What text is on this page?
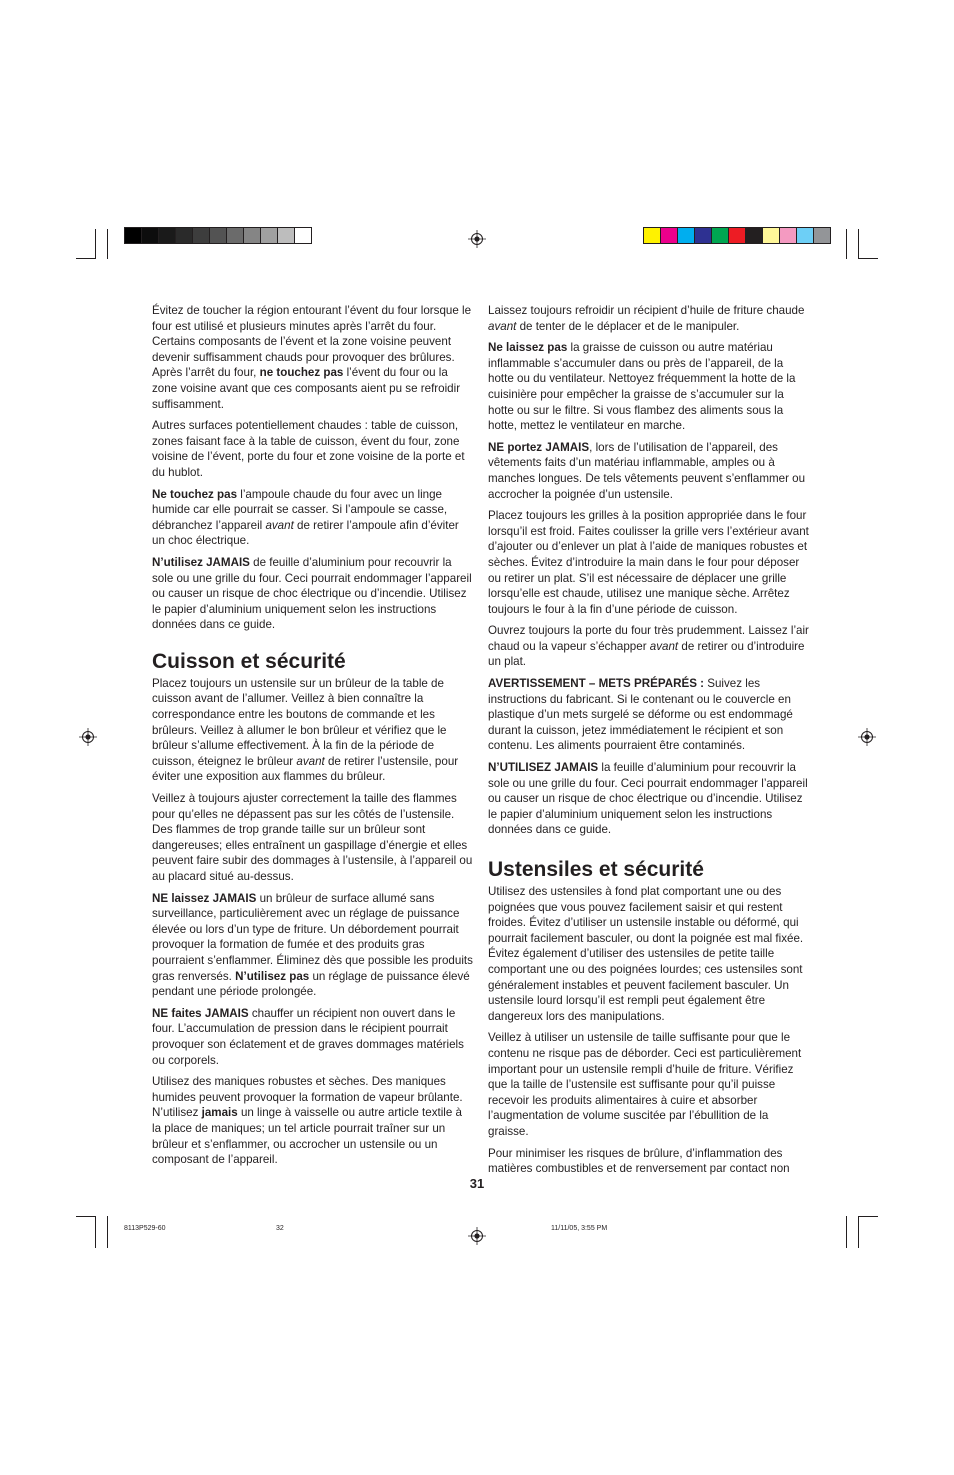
Évitez de toucher la région entourant l’évent du four lorsque le four est utilisé et plusieurs minutes après l’arrêt du four. Certains composants de l’évent et la zone voisine peuvent devenir suffisamment chauds pour provoquer des brûlures. Après l’arrêt du four, ne touchez pas l’évent du four ou la zone voisine avant que ces composants aient pu se refroidir suffisamment.

Autres surfaces potentiellement chaudes : table de cuisson, zones faisant face à la table de cuisson, évent du four, zone voisine de l’évent, porte du four et zone voisine de la porte et du hublot.

Ne touchez pas l’ampoule chaude du four avec un linge humide car elle pourrait se casser. Si l’ampoule se casse, débranchez l’appareil avant de retirer l’ampoule afin d’éviter un choc électrique.

N’utilisez JAMAIS de feuille d’aluminium pour recouvrir la sole ou une grille du four. Ceci pourrait endommager l’appareil ou causer un risque de choc électrique ou d’incendie. Utilisez le papier d’aluminium uniquement selon les instructions données dans ce guide.

Cuisson et sécurité

Placez toujours un ustensile sur un brûleur de la table de cuisson avant de l’allumer. Veillez à bien connaître la correspondance entre les boutons de commande et les brûleurs. Veillez à allumer le bon brûleur et vérifiez que le brûleur s’allume effectivement. À la fin de la période de cuisson, éteignez le brûleur avant de retirer l’ustensile, pour éviter une exposition aux flammes du brûleur.

Veillez à toujours ajuster correctement la taille des flammes pour qu’elles ne dépassent pas sur les côtés de l’ustensile. Des flammes de trop grande taille sur un brûleur sont dangereuses; elles entraînent un gaspillage d’énergie et elles peuvent faire subir des dommages à l’ustensile, à l’appareil ou au placard situé au-dessus.

NE laissez JAMAIS un brûleur de surface allumé sans surveillance, particulièrement avec un réglage de puissance élevée ou lors d’un type de friture. Un débordement pourrait provoquer la formation de fumée et des produits gras pourraient s’enflammer. Éliminez dès que possible les produits gras renversés. N’utilisez pas un réglage de puissance élevé pendant une période prolongée.

NE faites JAMAIS chauffer un récipient non ouvert dans le four. L’accumulation de pression dans le récipient pourrait provoquer son éclatement et de graves dommages matériels ou corporels.

Utilisez des maniques robustes et sèches. Des maniques humides peuvent provoquer la formation de vapeur brûlante. N’utilisez jamais un linge à vaisselle ou autre article textile à la place de maniques; un tel article pourrait traîner sur un brûleur et s’enflammer, ou accrocher un ustensile ou un composant de l’appareil.

Laissez toujours refroidir un récipient d’huile de friture chaude avant de tenter de le déplacer et de le manipuler.

Ne laissez pas la graisse de cuisson ou autre matériau inflammable s’accumuler dans ou près de l’appareil, de la hotte ou du ventilateur. Nettoyez fréquemment la hotte de la cuisinière pour empêcher la graisse de s’accumuler sur la hotte ou sur le filtre. Si vous flambez des aliments sous la hotte, mettez le ventilateur en marche.

NE portez JAMAIS, lors de l’utilisation de l’appareil, des vêtements faits d’un matériau inflammable, amples ou à manches longues. De tels vêtements peuvent s’enflammer ou accrocher la poignée d’un ustensile.

Placez toujours les grilles à la position appropriée dans le four lorsqu’il est froid. Faites coulisser la grille vers l’extérieur avant d’ajouter ou d’enlever un plat à l’aide de maniques robustes et sèches. Évitez d’introduire la main dans le four pour déposer ou retirer un plat. S’il est nécessaire de déplacer une grille lorsqu’elle est chaude, utilisez une manique sèche. Arrêtez toujours le four à la fin d’une période de cuisson.

Ouvrez toujours la porte du four très prudemment. Laissez l’air chaud ou la vapeur s’échapper avant de retirer ou d’introduire un plat.

AVERTISSEMENT – METS PRÉPARÉS : Suivez les instructions du fabricant. Si le contenant ou le couvercle en plastique d’un mets surgelé se déforme ou est endommagé durant la cuisson, jetez immédiatement le récipient et son contenu. Les aliments pourraient être contaminés.

N’UTILISEZ JAMAIS la feuille d’aluminium pour recouvrir la sole ou une grille du four. Ceci pourrait endommager l’appareil ou causer un risque de choc électrique ou d’incendie. Utilisez le papier d’aluminium uniquement selon les instructions données dans ce guide.

Ustensiles et sécurité

Utilisez des ustensiles à fond plat comportant une ou des poignées que vous pouvez facilement saisir et qui restent froides. Évitez d’utiliser un ustensile instable ou déformé, qui pourrait facilement basculer, ou dont la poignée est mal fixée. Évitez également d’utiliser des ustensiles de petite taille comportant une ou des poignées lourdes; ces ustensiles sont généralement instables et peuvent facilement basculer. Un ustensile lourd lorsqu’il est rempli peut également être dangereux lors des manipulations.

Veillez à utiliser un ustensile de taille suffisante pour que le contenu ne risque pas de déborder. Ceci est particulièrement important pour un ustensile rempli d’huile de friture. Vérifiez que la taille de l’ustensile est suffisante pour qu’il puisse recevoir les produits alimentaires à cuire et absorber l’augmentation de volume suscitée par l’ébullition de la graisse.

Pour minimiser les risques de brûlure, d’inflammation des matières combustibles et de renversement par contact non

31
8113P529-60	32	11/11/05, 3:55 PM
